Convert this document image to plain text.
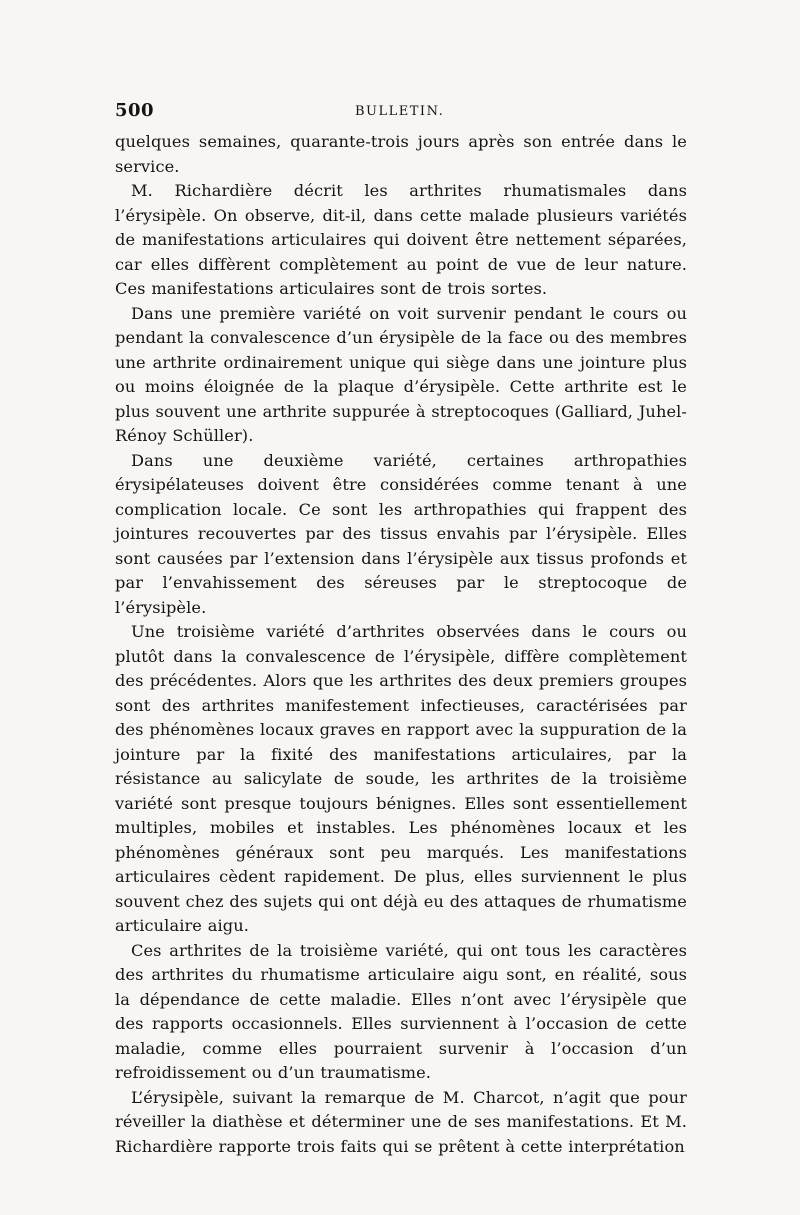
500	BULLETIN.

quelques semaines, quarante-trois jours après son entrée dans le service.

M. Richardière décrit les arthrites rhumatismales dans l’érysipèle. On observe, dit-il, dans cette malade plusieurs variétés de manifestations articulaires qui doivent être nettement séparées, car elles diffèrent complètement au point de vue de leur nature. Ces manifestations articulaires sont de trois sortes.

Dans une première variété on voit survenir pendant le cours ou pendant la convalescence d’un érysipèle de la face ou des membres une arthrite ordinairement unique qui siège dans une jointure plus ou moins éloignée de la plaque d’érysipèle. Cette arthrite est le plus souvent une arthrite suppurée à streptocoques (Galliard, Juhel-Rénoy Schüller).

Dans une deuxième variété, certaines arthropathies érysipélateuses doivent être considérées comme tenant à une complication locale. Ce sont les arthropathies qui frappent des jointures recouvertes par des tissus envahis par l’érysipèle. Elles sont causées par l’extension dans l’érysipèle aux tissus profonds et par l’envahissement des séreuses par le streptocoque de l’érysipèle.

Une troisième variété d’arthrites observées dans le cours ou plutôt dans la convalescence de l’érysipèle, diffère complètement des précédentes. Alors que les arthrites des deux premiers groupes sont des arthrites manifestement infectieuses, caractérisées par des phénomènes locaux graves en rapport avec la suppuration de la jointure par la fixité des manifestations articulaires, par la résistance au salicylate de soude, les arthrites de la troisième variété sont presque toujours bénignes. Elles sont essentiellement multiples, mobiles et instables. Les phénomènes locaux et les phénomènes généraux sont peu marqués. Les manifestations articulaires cèdent rapidement. De plus, elles surviennent le plus souvent chez des sujets qui ont déjà eu des attaques de rhumatisme articulaire aigu.

Ces arthrites de la troisième variété, qui ont tous les caractères des arthrites du rhumatisme articulaire aigu sont, en réalité, sous la dépendance de cette maladie. Elles n’ont avec l’érysipèle que des rapports occasionnels. Elles surviennent à l’occasion de cette maladie, comme elles pourraient survenir à l’occasion d’un refroidissement ou d’un traumatisme.

L’érysipèle, suivant la remarque de M. Charcot, n’agit que pour réveiller la diathèse et déterminer une de ses manifestations. Et M. Richardière rapporte trois faits qui se prêtent à cette interprétation
